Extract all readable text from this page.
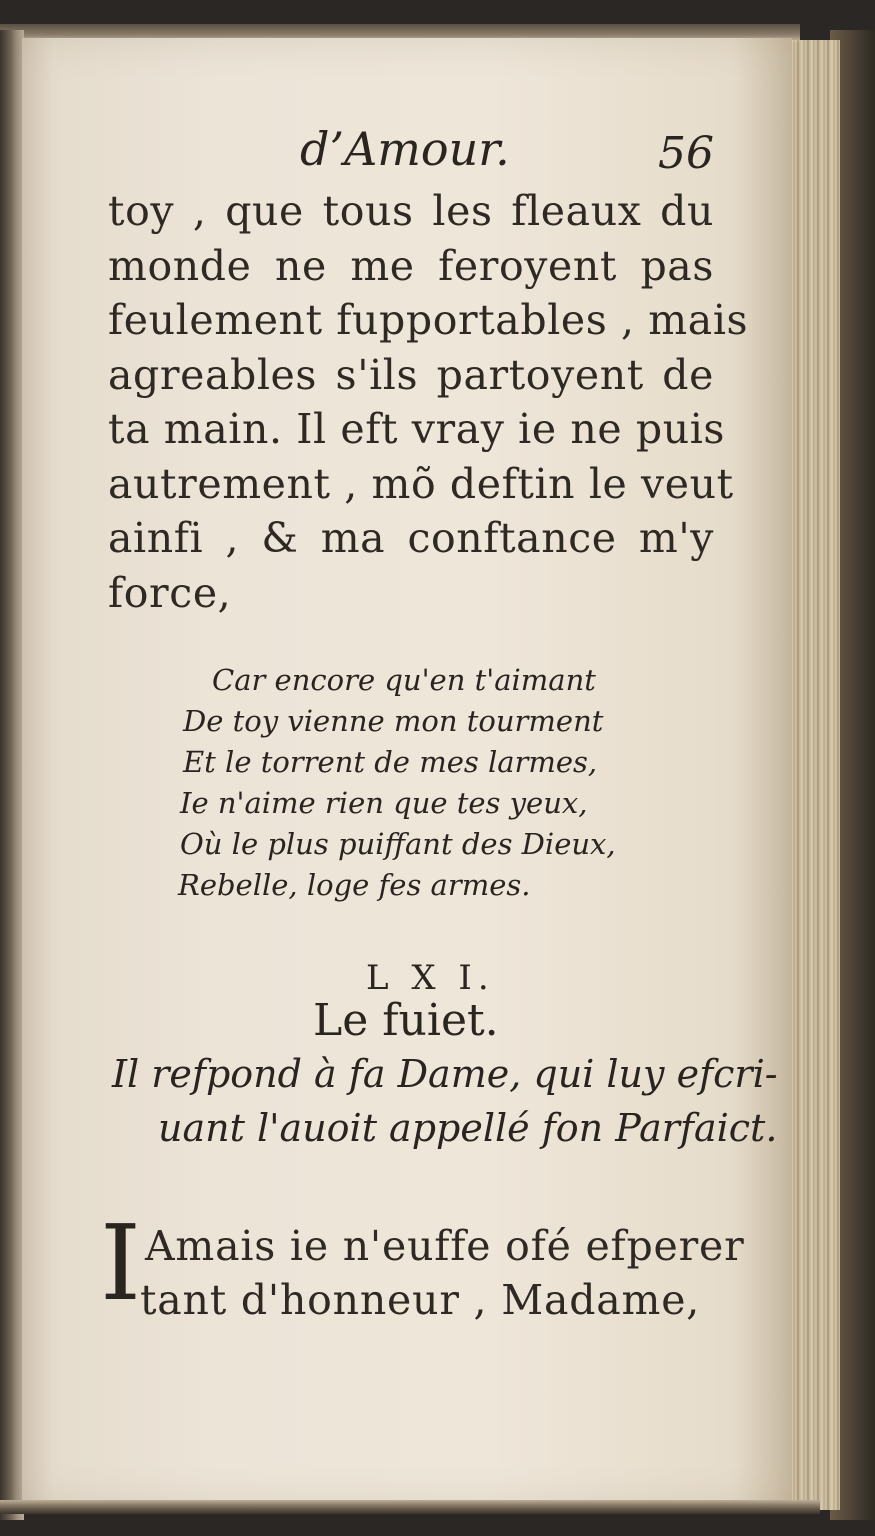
d’Amour.	56
toy , que tous les fleaux du
monde ne me feroyent pas
feulement fupportables , mais
agreables s'ils partoyent de
ta main. Il eft vray ie ne puis
autrement , mõ deftin le veut
ainfi , & ma conftance m'y
force,
Car encore qu'en t'aimant
De toy vienne mon tourment
Et le torrent de mes larmes,
Ie n'aime rien que tes yeux,
Où le plus puiffant des Dieux,
Rebelle, loge fes armes.
L X I.
Le fuiet.
Il refpond à fa Dame, qui luy efcri-
uant l'auoit appellé fon Parfaict.
I Amais ie n'euffe ofé efperer
tant d'honneur , Madame,
